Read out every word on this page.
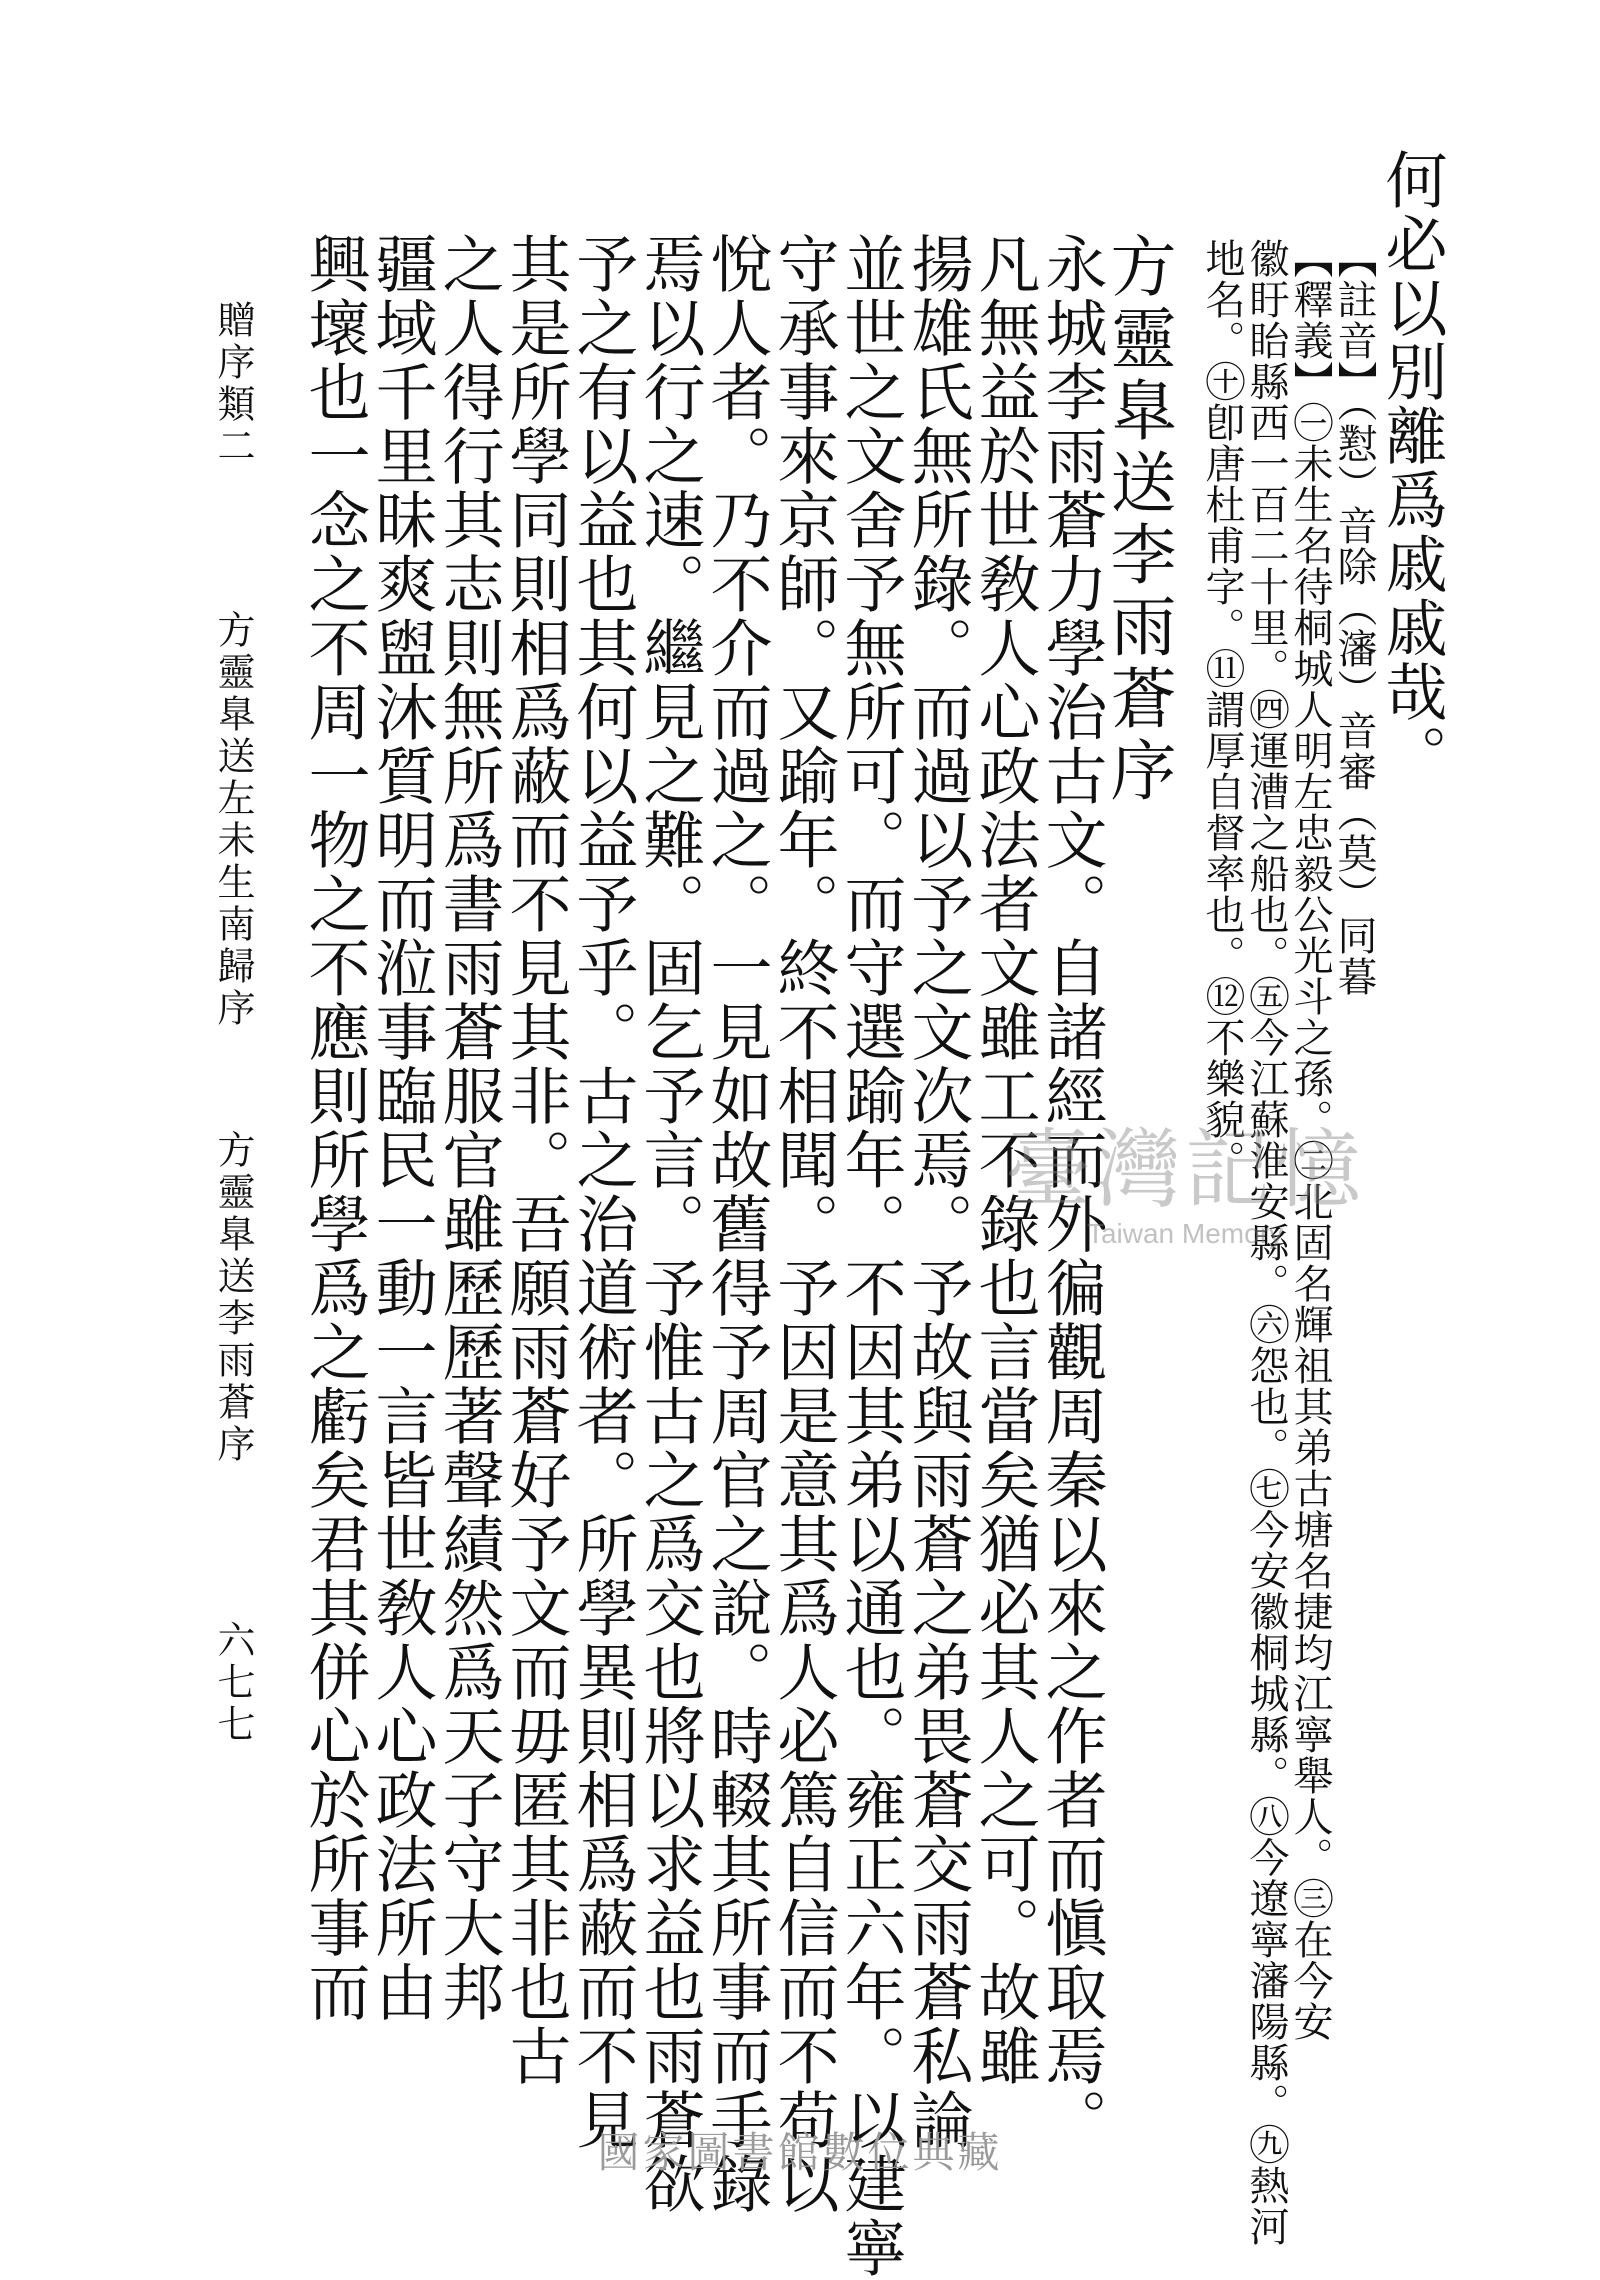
何必以別離爲戚戚哉。
【註音】（懟）音除（瀋）音審（莫）同暮
【釋義】㊀未生名待桐城人明左忠毅公光斗之孫。㊁北固名輝祖其弟古塘名捷均江寧舉人。㊂在今安
徽盱眙縣西一百二十里。㊃運漕之船也。㊄今江蘇淮安縣。㊅怨也。㊆今安徽桐城縣。㊇今遼寧瀋陽縣。㊈熱河
地名。㊉卽唐杜甫字。⑪謂厚自督率也。⑫不樂貌。
方靈臯送李雨蒼序
永城李雨蒼力學治古文。自諸經而外徧觀周秦以來之作者而愼取焉。
凡無益於世敎人心政法者文雖工不錄也言當矣猶必其人之可。故雖
揚雄氏無所錄。而過以予之文次焉。予故與雨蒼之弟畏蒼交雨蒼私論
並世之文舍予無所可。而守選踰年。不因其弟以通也。雍正六年。以建寧
守承事來京師。又踰年。終不相聞。予因是意其爲人必篤自信而不苟以
悅人者。乃不介而過之。一見如故舊得予周官之說。時輟其所事而手錄
焉以行之速。繼見之難。固乞予言。予惟古之爲交也將以求益也雨蒼欲
予之有以益也其何以益予乎。古之治道術者。所學異則相爲蔽而不見
其是所學同則相爲蔽而不見其非。吾願雨蒼好予文而毋匿其非也古
之人得行其志則無所爲書雨蒼服官雖歷歷著聲績然爲天子守大邦
疆域千里昧爽盥沐質明而涖事臨民一動一言皆世敎人心政法所由
興壞也一念之不周一物之不應則所學爲之虧矣君其併心於所事而
贈序類二
方靈臯送左未生南歸序
方靈臯送李雨蒼序
六七七
臺灣記憶
Taiwan Memory
國家圖書館數位典藏
